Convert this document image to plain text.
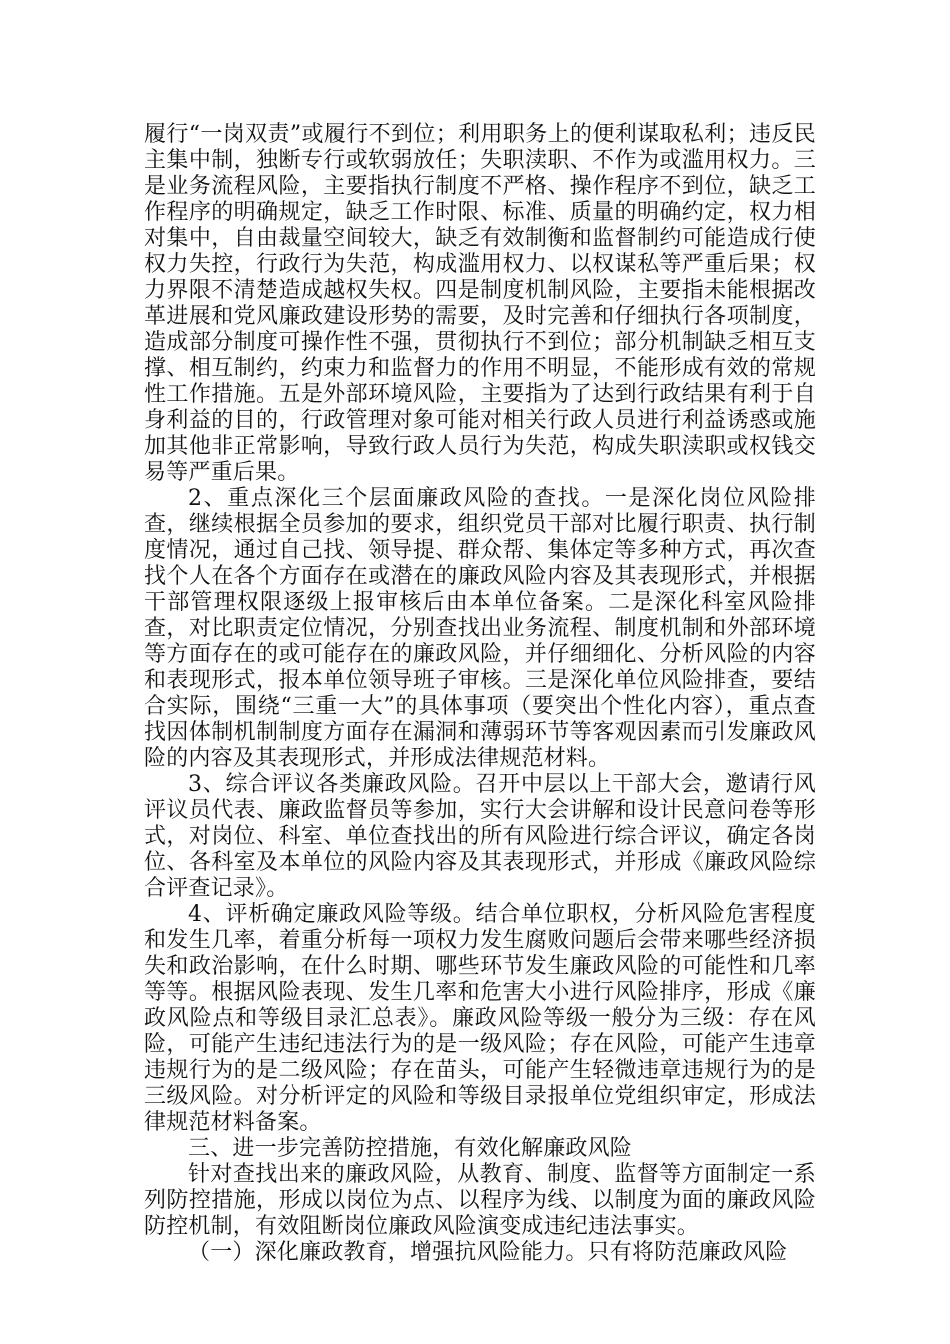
履行“一岗双责”或履行不到位；利用职务上的便利谋取私利；违反民主集中制，独断专行或软弱放任；失职渎职、不作为或滥用权力。三是业务流程风险，主要指执行制度不严格、操作程序不到位，缺乏工作程序的明确规定，缺乏工作时限、标准、质量的明确约定，权力相对集中，自由裁量空间较大，缺乏有效制衡和监督制约可能造成行使权力失控，行政行为失范，构成滥用权力、以权谋私等严重后果；权力界限不清楚造成越权失权。四是制度机制风险，主要指未能根据改革进展和党风廉政建设形势的需要，及时完善和仔细执行各项制度，造成部分制度可操作性不强，贯彻执行不到位；部分机制缺乏相互支撑、相互制约，约束力和监督力的作用不明显，不能形成有效的常规性工作措施。五是外部环境风险，主要指为了达到行政结果有利于自身利益的目的，行政管理对象可能对相关行政人员进行利益诱惑或施加其他非正常影响，导致行政人员行为失范，构成失职渎职或权钱交易等严重后果。

2、重点深化三个层面廉政风险的查找。一是深化岗位风险排查，继续根据全员参加的要求，组织党员干部对比履行职责、执行制度情况，通过自己找、领导提、群众帮、集体定等多种方式，再次查找个人在各个方面存在或潜在的廉政风险内容及其表现形式，并根据干部管理权限逐级上报审核后由本单位备案。二是深化科室风险排查，对比职责定位情况，分别查找出业务流程、制度机制和外部环境等方面存在的或可能存在的廉政风险，并仔细细化、分析风险的内容和表现形式，报本单位领导班子审核。三是深化单位风险排查，要结合实际，围绕“三重一大”的具体事项（要突出个性化内容），重点查找因体制机制制度方面存在漏洞和薄弱环节等客观因素而引发廉政风险的内容及其表现形式，并形成法律规范材料。

3、综合评议各类廉政风险。召开中层以上干部大会，邀请行风评议员代表、廉政监督员等参加，实行大会讲解和设计民意问卷等形式，对岗位、科室、单位查找出的所有风险进行综合评议，确定各岗位、各科室及本单位的风险内容及其表现形式，并形成《廉政风险综合评查记录》。

4、评析确定廉政风险等级。结合单位职权，分析风险危害程度和发生几率，着重分析每一项权力发生腐败问题后会带来哪些经济损失和政治影响，在什么时期、哪些环节发生廉政风险的可能性和几率等等。根据风险表现、发生几率和危害大小进行风险排序，形成《廉政风险点和等级目录汇总表》。廉政风险等级一般分为三级：存在风险，可能产生违纪违法行为的是一级风险；存在风险，可能产生违章违规行为的是二级风险；存在苗头，可能产生轻微违章违规行为的是三级风险。对分析评定的风险和等级目录报单位党组织审定，形成法律规范材料备案。

三、进一步完善防控措施，有效化解廉政风险

针对查找出来的廉政风险，从教育、制度、监督等方面制定一系列防控措施，形成以岗位为点、以程序为线、以制度为面的廉政风险防控机制，有效阻断岗位廉政风险演变成违纪违法事实。

（一）深化廉政教育，增强抗风险能力。只有将防范廉政风险
